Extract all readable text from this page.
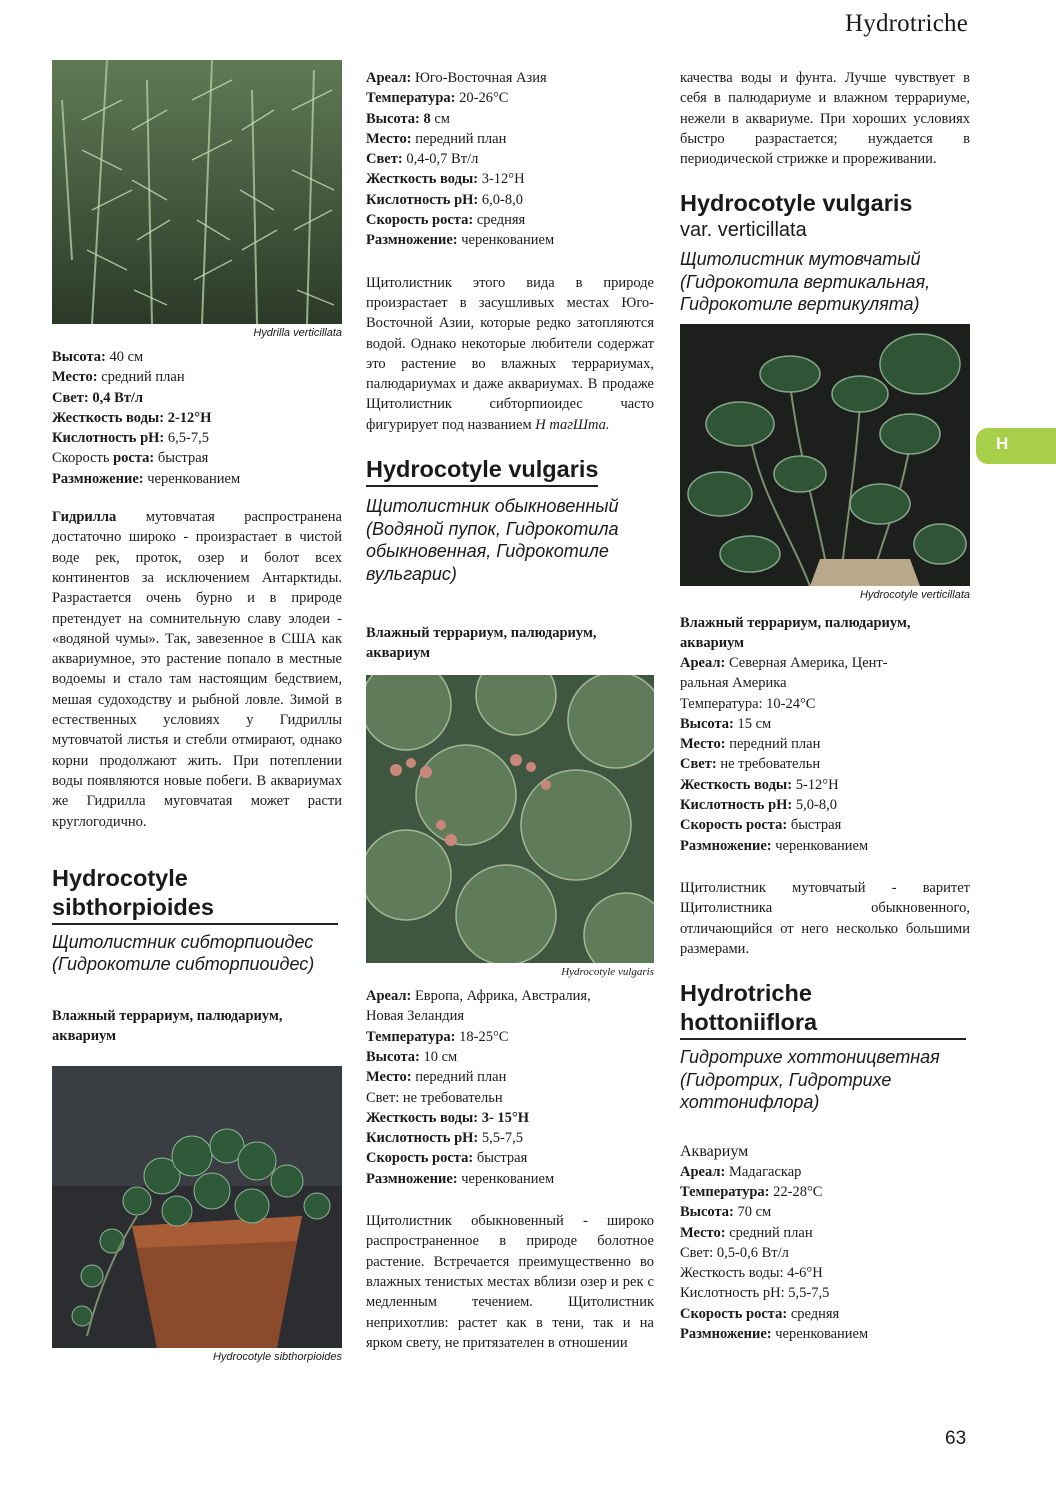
Hydrotriche
H
63
Hydrilla verticillata
Высота: 40 см
Место: средний план
Свет: 0,4 Вт/л
Жесткость воды: 2-12°H
Кислотность pH: 6,5-7,5
Скорость роста: быстрая
Размножение: черенкованием

Гидрилла мутовчатая распространена достаточно широко - произрастает в чистой воде рек, проток, озер и болот всех континентов за исключением Антарктиды. Разрастается очень бурно и в природе претендует на сомнительную славу элодеи - «водяной чумы». Так, завезенное в США как аквариумное, это растение попало в местные водоемы и стало там настоящим бедствием, мешая судоходству и рыбной ловле. Зимой в естественных условиях у Гидриллы мутовчатой листья и стебли отмирают, однако корни продолжают жить. При потеплении воды появляются новые побеги. В аквариумах же Гидрилла муговчатая может расти круглогодично.

Hydrocotyle
sibthorpioides
Щитолистник сибторпиоидес (Гидрокотиле сибторпиоидес)
Влажный террариум, палюдариум, аквариум
Hydrocotyle sibthorpioides
Ареал: Юго-Восточная Азия
Температура: 20-26°C
Высота: 8 см
Место: передний план
Свет: 0,4-0,7 Вт/л
Жесткость воды: 3-12°H
Кислотность pH: 6,0-8,0
Скорость роста: средняя
Размножение: черенкованием

Щитолистник этого вида в природе произрастает в засушливых местах Юго-Восточной Азии, которые редко затопляются водой. Однако некоторые любители содержат это растение во влажных террариумах, палюдариумах и даже аквариумах. В продаже Щитолистник сибторпиоидес часто фигурирует под названием Н тагШта.

Hydrocotyle vulgaris
Щитолистник обыкновенный (Водяной пупок, Гидрокотила обыкновенная, Гидрокотиле вульгарис)
Влажный террариум, палюдариум, аквариум
Hydrocotyle vulgaris
Ареал: Европа, Африка, Австралия,
Новая Зеландия
Температура: 18-25°C
Высота: 10 см
Место: передний план
Свет: не требовательн
Жесткость воды: 3- 15°H
Кислотность pH: 5,5-7,5
Скорость роста: быстрая
Размножение: черенкованием

Щитолистник обыкновенный - широко распространенное в природе болотное растение. Встречается преимущественно во влажных тенистых местах вблизи озер и рек с медленным течением. Щитолистник неприхотлив: растет как в тени, так и на ярком свету, не притязателен в отношении

качества воды и фунта. Лучше чувствует в себя в палюдариуме и влажном террариуме, нежели в аквариуме. При хороших условиях быстро разрастается; нуждается в периодической стрижке и прореживании.

Hydrocotyle vulgaris
var. verticillata
Щитолистник мутовчатый (Гидрокотила вертикальная, Гидрокотиле вертикулята)
Hydrocotyle verticillata
Влажный террариум, палюдариум, аквариум
Ареал: Северная Америка, Цент-
ральная Америка
Температура: 10-24°C
Высота: 15 см
Место: передний план
Свет: не требовательн
Жесткость воды: 5-12°H
Кислотность pH: 5,0-8,0
Скорость роста: быстрая
Размножение: черенкованием

Щитолистник мутовчатый - варитет Щитолистника обыкновенного, отличающийся от него несколько большими размерами.

Hydrotriche
hottoniiflora
Гидротрихе хоттоницветная (Гидротрих, Гидротрихе хоттонифлора)
Аквариум
Ареал: Мадагаскар
Температура: 22-28°C
Высота: 70 см
Место: средний план
Свет: 0,5-0,6 Вт/л
Жесткость воды: 4-6°H
Кислотность pH: 5,5-7,5
Скорость роста: средняя
Размножение: черенкованием
